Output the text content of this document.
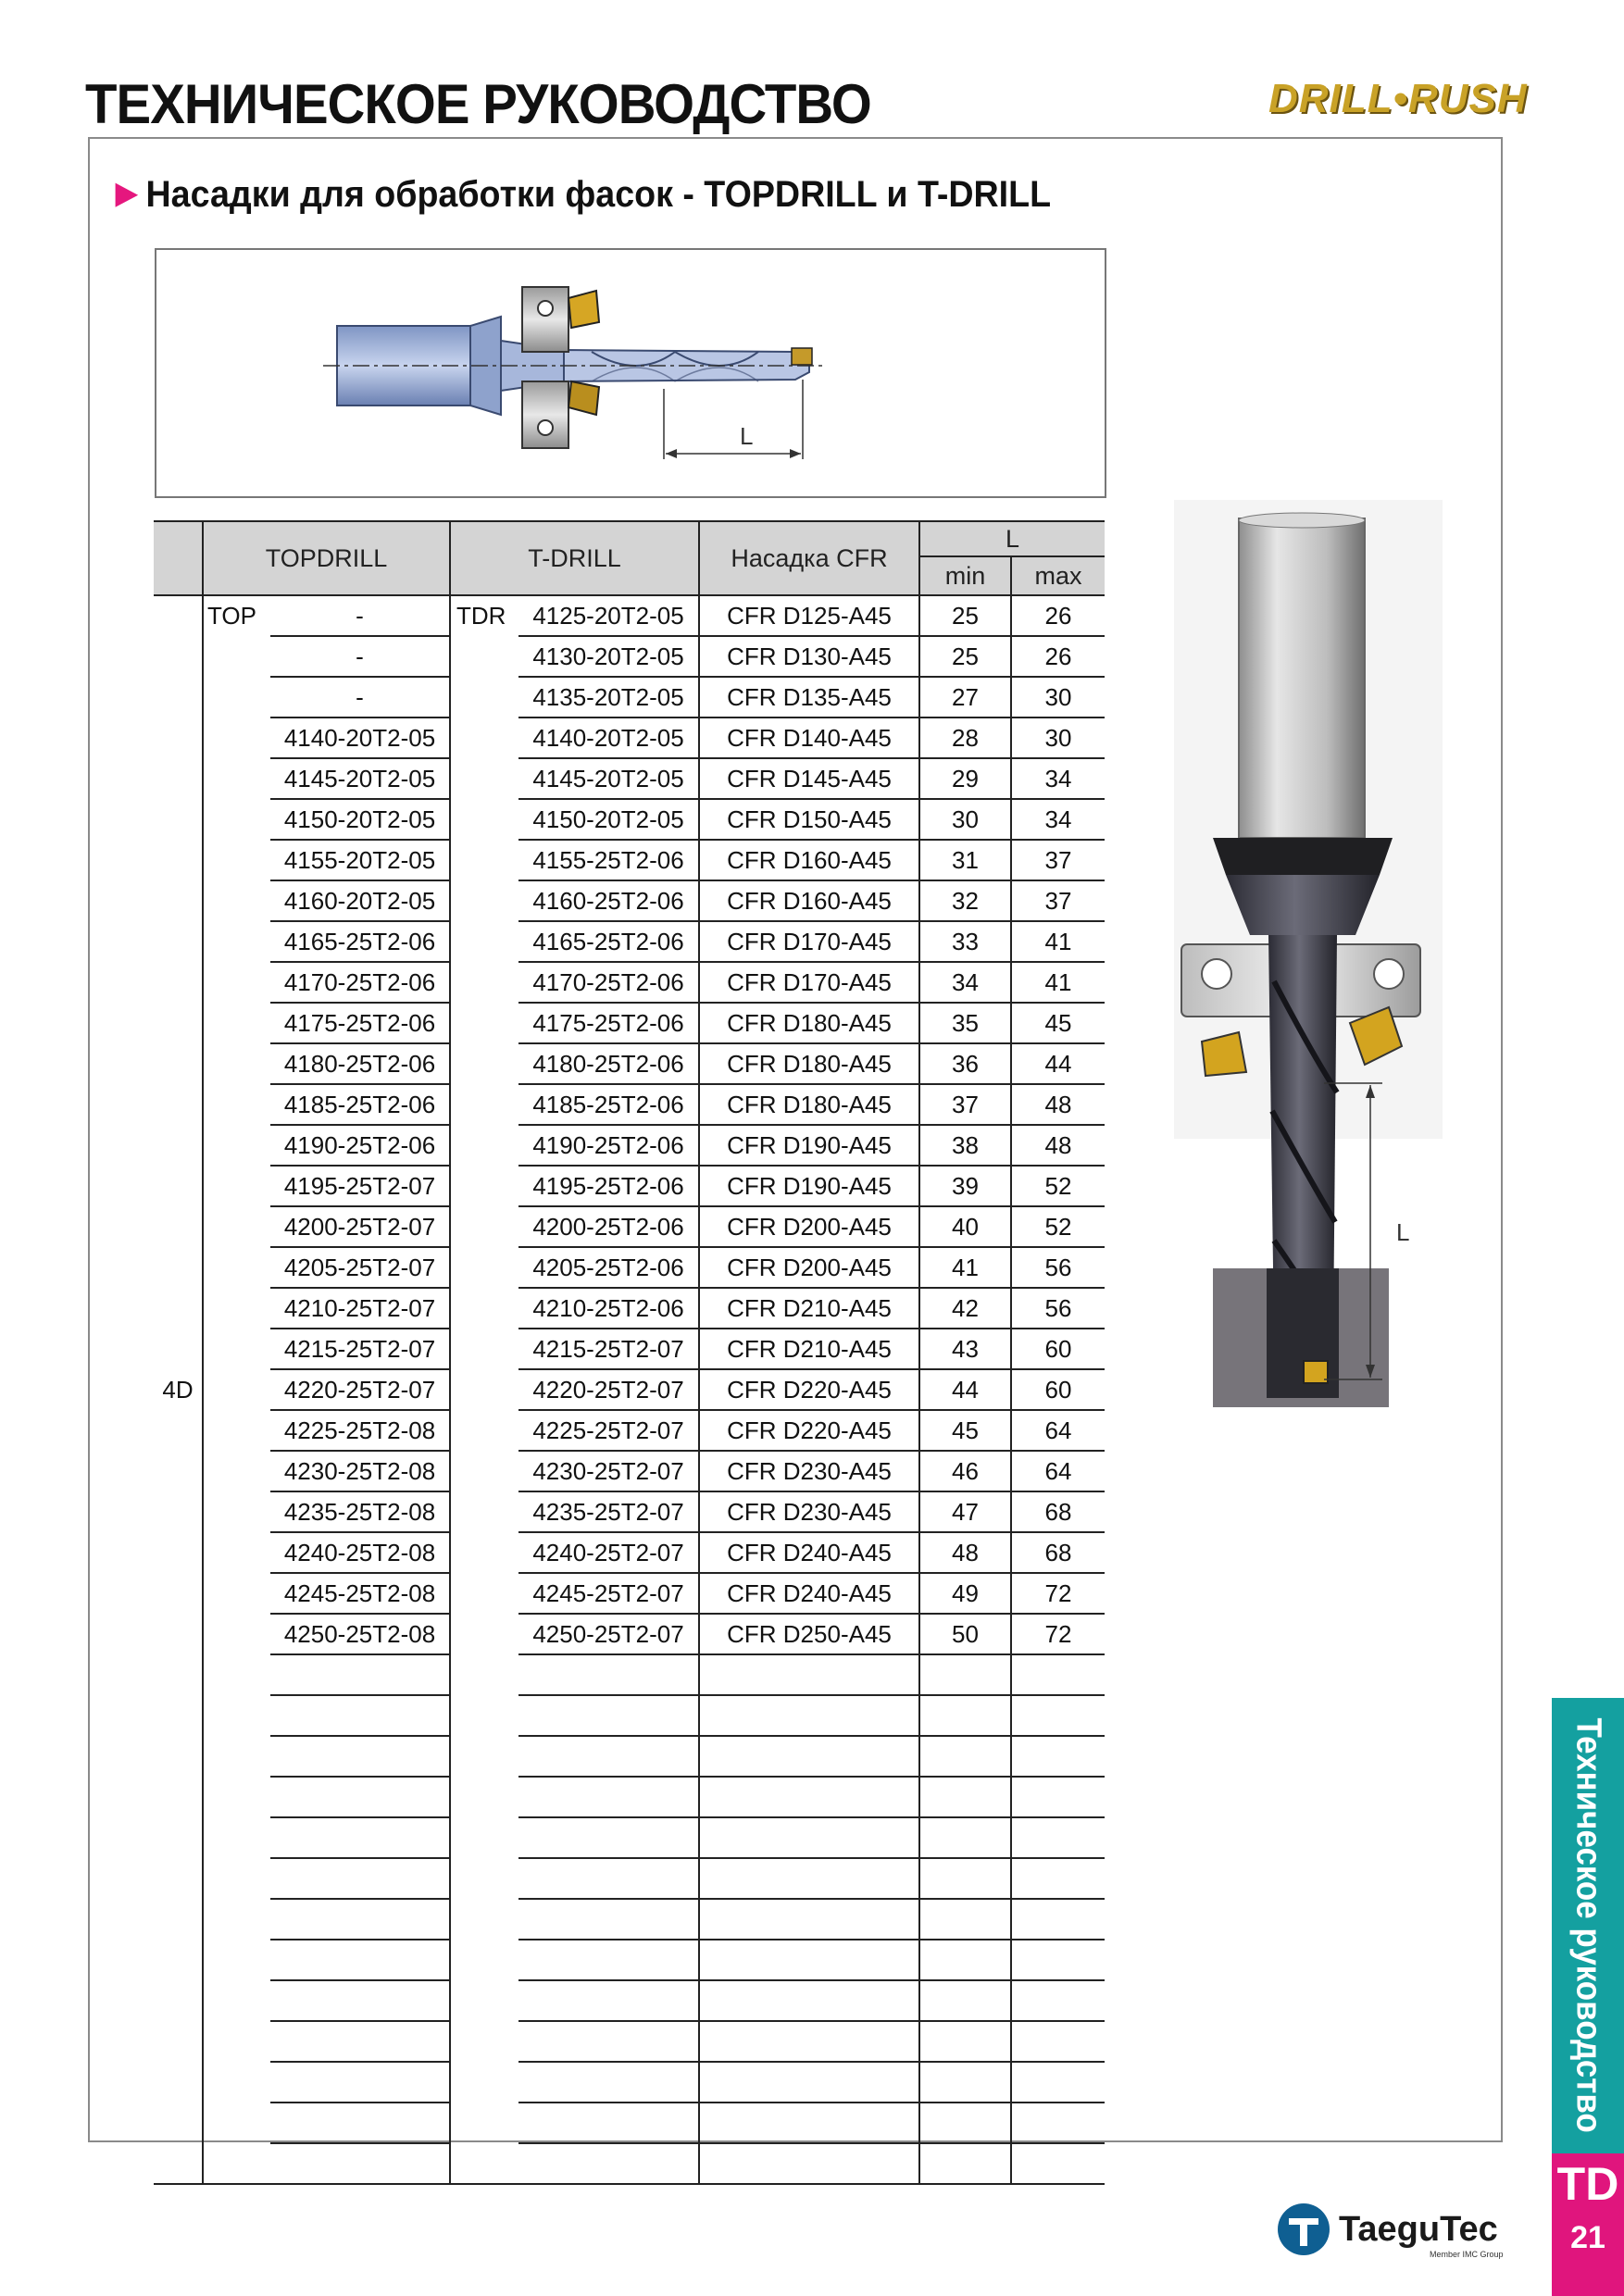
ТЕХНИЧЕСКОЕ РУКОВОДСТВО	DRILL•RUSH
▶ Насадки для обработки фасок - TOPDRILL и T-DRILL
L
L
	TOPDRILL		T-DRILL		Насадка CFR	L	
						min	max
4D	TOP	-	TDR	4125-20T2-05	CFR D125-A45	25	26
		-		4130-20T2-05	CFR D130-A45	25	26
		-		4135-20T2-05	CFR D135-A45	27	30
		4140-20T2-05		4140-20T2-05	CFR D140-A45	28	30
		4145-20T2-05		4145-20T2-05	CFR D145-A45	29	34
		4150-20T2-05		4150-20T2-05	CFR D150-A45	30	34
		4155-20T2-05		4155-25T2-06	CFR D160-A45	31	37
		4160-20T2-05		4160-25T2-06	CFR D160-A45	32	37
		4165-25T2-06		4165-25T2-06	CFR D170-A45	33	41
		4170-25T2-06		4170-25T2-06	CFR D170-A45	34	41
		4175-25T2-06		4175-25T2-06	CFR D180-A45	35	45
		4180-25T2-06		4180-25T2-06	CFR D180-A45	36	44
		4185-25T2-06		4185-25T2-06	CFR D180-A45	37	48
		4190-25T2-06		4190-25T2-06	CFR D190-A45	38	48
		4195-25T2-07		4195-25T2-06	CFR D190-A45	39	52
		4200-25T2-07		4200-25T2-06	CFR D200-A45	40	52
		4205-25T2-07		4205-25T2-06	CFR D200-A45	41	56
		4210-25T2-07		4210-25T2-06	CFR D210-A45	42	56
		4215-25T2-07		4215-25T2-07	CFR D210-A45	43	60
		4220-25T2-07		4220-25T2-07	CFR D220-A45	44	60
		4225-25T2-08		4225-25T2-07	CFR D220-A45	45	64
		4230-25T2-08		4230-25T2-07	CFR D230-A45	46	64
		4235-25T2-08		4235-25T2-07	CFR D230-A45	47	68
		4240-25T2-08		4240-25T2-07	CFR D240-A45	48	68
		4245-25T2-08		4245-25T2-07	CFR D240-A45	49	72
		4250-25T2-08		4250-25T2-07	CFR D250-A45	50	72

Техническое руководство
TD
21
TaeguTec
Member IMC Group
